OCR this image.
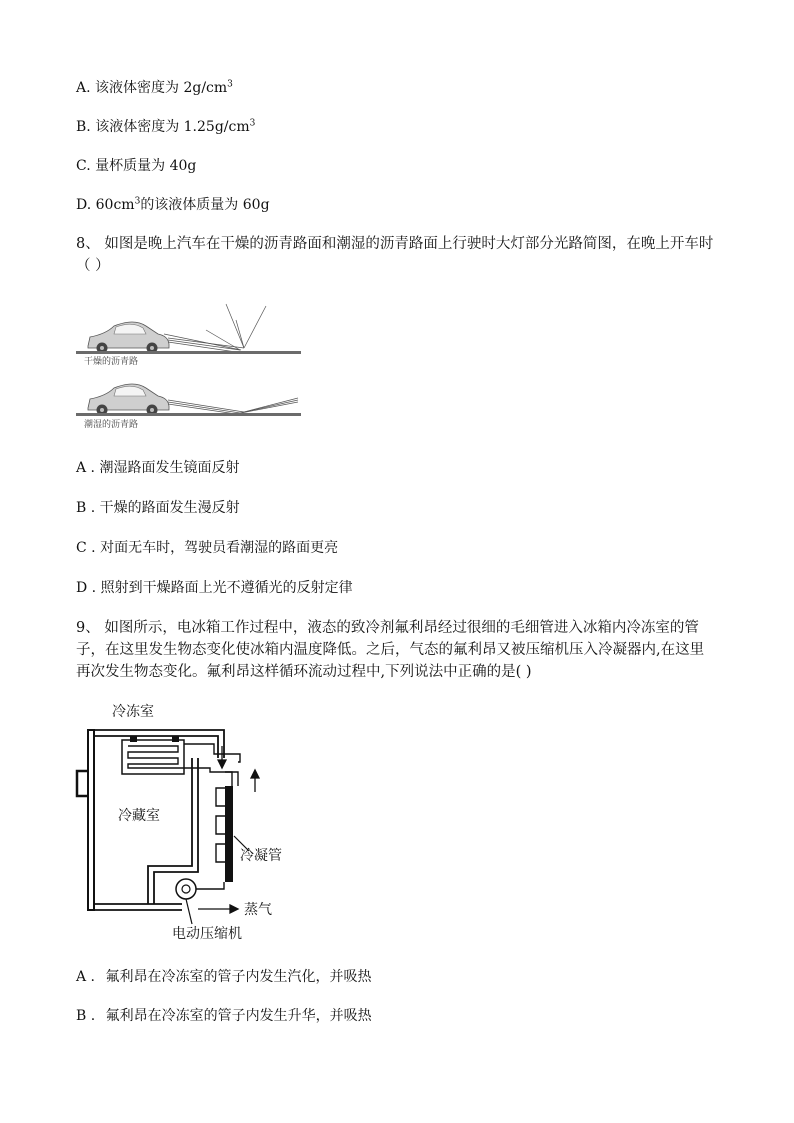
A. 该液体密度为 $2g/cm^3$
B. 该液体密度为 $1.25g/cm^3$
C. 量杯质量为 40g
D. $60cm^3$的该液体质量为 60g
8、 如图是晚上汽车在干燥的沥青路面和潮湿的沥青路面上行驶时大灯部分光路简图，在晚上开车时（ ）
干燥的沥青路
潮湿的沥青路
A . 潮湿路面发生镜面反射
B . 干燥的路面发生漫反射
C . 对面无车时，驾驶员看潮湿的路面更亮
D . 照射到干燥路面上光不遵循光的反射定律
9、 如图所示，电冰箱工作过程中，液态的致冷剂氟利昂经过很细的毛细管进入冰箱内冷冻室的管子，在这里发生物态变化使冰箱内温度降低。之后，气态的氟利昂又被压缩机压入冷凝器内,在这里再次发生物态变化。氟利昂这样循环流动过程中,下列说法中正确的是( )
冷冻室
冷藏室
冷凝管
蒸气
电动压缩机
A . 氟利昂在冷冻室的管子内发生汽化，并吸热
B . 氟利昂在冷冻室的管子内发生升华，并吸热
